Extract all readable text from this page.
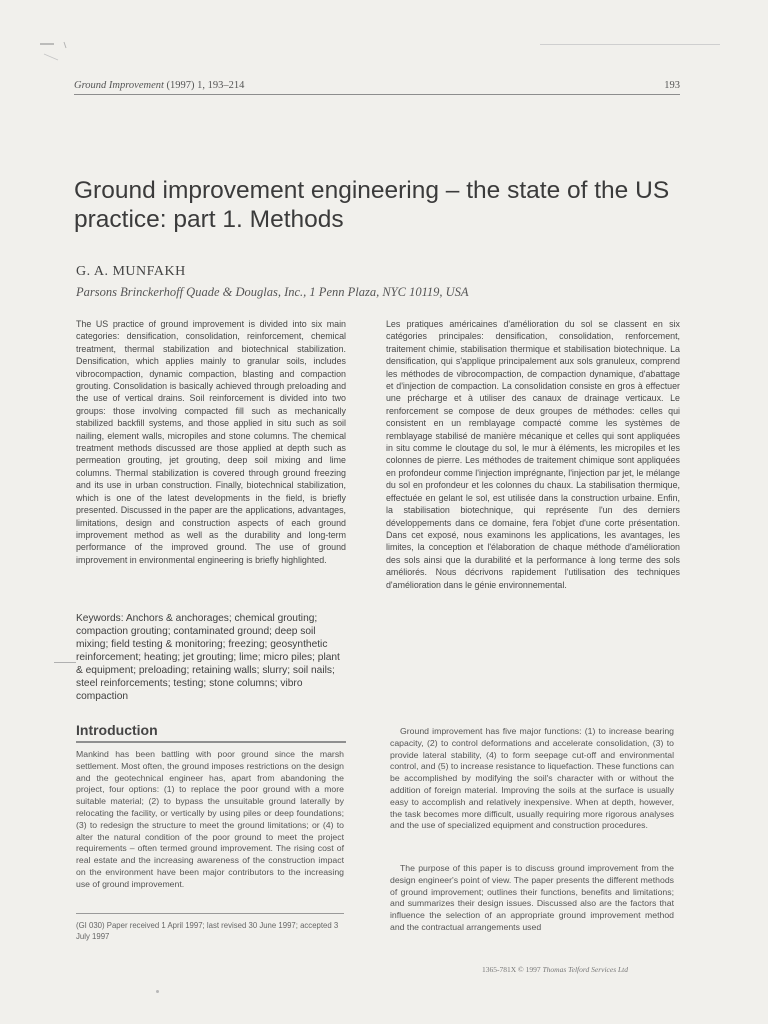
Ground Improvement (1997) 1, 193–214	193
Ground improvement engineering – the state of the US practice: part 1. Methods
G. A. MUNFAKH
Parsons Brinckerhoff Quade & Douglas, Inc., 1 Penn Plaza, NYC 10119, USA

The US practice of ground improvement is divided into six main categories: densification, consolidation, reinforcement, chemical treatment, thermal stabilization and biotechnical stabilization. Densification, which applies mainly to granular soils, includes vibrocompaction, dynamic compaction, blasting and compaction grouting. Consolidation is basically achieved through preloading and the use of vertical drains. Soil reinforcement is divided into two groups: those involving compacted fill such as mechanically stabilized backfill systems, and those applied in situ such as soil nailing, element walls, micropiles and stone columns. The chemical treatment methods discussed are those applied at depth such as permeation grouting, jet grouting, deep soil mixing and lime columns. Thermal stabilization is covered through ground freezing and its use in urban construction. Finally, biotechnical stabilization, which is one of the latest developments in the field, is briefly presented. Discussed in the paper are the applications, advantages, limitations, design and construction aspects of each ground improvement method as well as the durability and long-term performance of the improved ground. The use of ground improvement in environmental engineering is briefly highlighted.

Les pratiques américaines d'amélioration du sol se classent en six catégories principales: densification, consolidation, renforcement, traitement chimie, stabilisation thermique et stabilisation biotechnique. La densification, qui s'applique principalement aux sols granuleux, comprend les méthodes de vibrocompaction, de compaction dynamique, d'abattage et d'injection de compaction. La consolidation consiste en gros à effectuer une précharge et à utiliser des canaux de drainage verticaux. Le renforcement se compose de deux groupes de méthodes: celles qui consistent en un remblayage compacté comme les systèmes de remblayage stabilisé de manière mécanique et celles qui sont appliquées in situ comme le cloutage du sol, le mur à éléments, les micropiles et les colonnes de pierre. Les méthodes de traitement chimique sont appliquées en profondeur comme l'injection imprégnante, l'injection par jet, le mélange du sol en profondeur et les colonnes du chaux. La stabilisation thermique, effectuée en gelant le sol, est utilisée dans la construction urbaine. Enfin, la stabilisation biotechnique, qui représente l'un des derniers développements dans ce domaine, fera l'objet d'une corte présentation. Dans cet exposé, nous examinons les applications, les avantages, les limites, la conception et l'élaboration de chaque méthode d'amélioration des sols ainsi que la durabilité et la performance à long terme des sols améliorés. Nous décrivons rapidement l'utilisation des techniques d'amélioration dans le génie environnemental.

Keywords: Anchors & anchorages; chemical grouting; compaction grouting; contaminated ground; deep soil mixing; field testing & monitoring; freezing; geosynthetic reinforcement; heating; jet grouting; lime; micro piles; plant & equipment; preloading; retaining walls; slurry; soil nails; steel reinforcements; testing; stone columns; vibro compaction

Introduction

Mankind has been battling with poor ground since the marsh settlement. Most often, the ground imposes restrictions on the design and the geotechnical engineer has, apart from abandoning the project, four options: (1) to replace the poor ground with a more suitable material; (2) to bypass the unsuitable ground laterally by relocating the facility, or vertically by using piles or deep foundations; (3) to redesign the structure to meet the ground limitations; or (4) to alter the natural condition of the poor ground to meet the project requirements – often termed ground improvement. The rising cost of real estate and the increasing awareness of the construction impact on the environment have been major contributors to the increasing use of ground improvement.

Ground improvement has five major functions: (1) to increase bearing capacity, (2) to control deformations and accelerate consolidation, (3) to provide lateral stability, (4) to form seepage cut-off and environmental control, and (5) to increase resistance to liquefaction. These functions can be accomplished by modifying the soil's character with or without the addition of foreign material. Improving the soils at the surface is usually easy to accomplish and relatively inexpensive. When at depth, however, the task becomes more difficult, usually requiring more rigorous analyses and the use of specialized equipment and construction procedures.

The purpose of this paper is to discuss ground improvement from the design engineer's point of view. The paper presents the different methods of ground improvement; outlines their functions, benefits and limitations; and summarizes their design issues. Discussed also are the factors that influence the selection of an appropriate ground improvement method and the contractual arrangements used

(GI 030) Paper received 1 April 1997; last revised 30 June 1997; accepted 3 July 1997

1365-781X © 1997 Thomas Telford Services Ltd
